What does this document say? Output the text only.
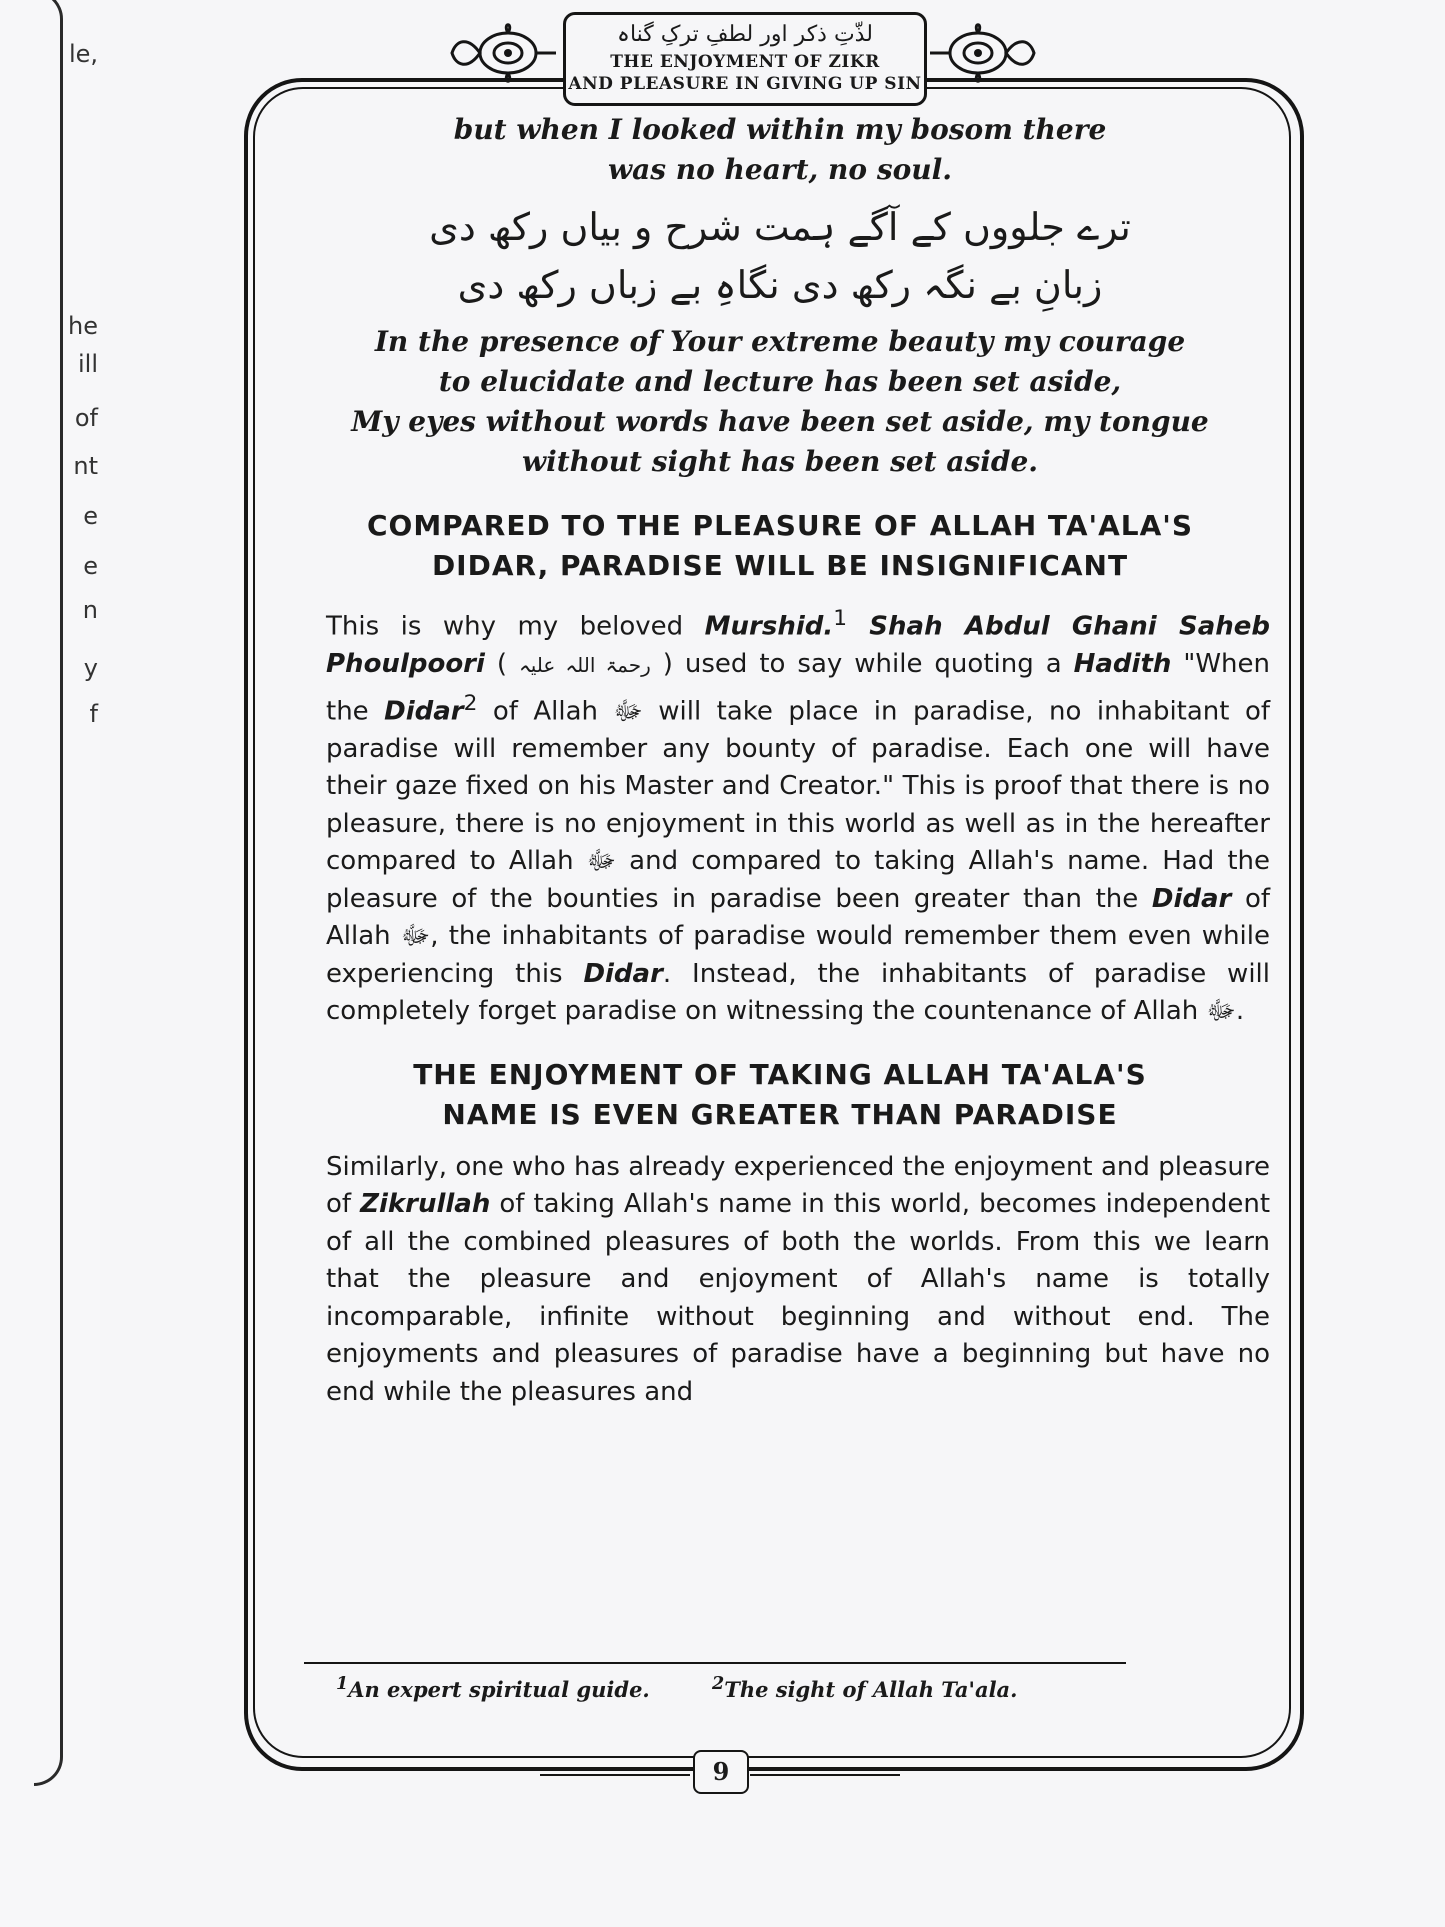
le,
he
ill
of
nt
e
e
n
y
f
لذّتِ ذکر اور لطفِ ترکِ گناہ
THE ENJOYMENT OF ZIKR
AND PLEASURE IN GIVING UP SIN

but when I looked within my bosom there
was no heart, no soul.

ترے جلووں کے آگے ہمت شرح و بیاں رکھ دی
زبانِ بے نگہ رکھ دی نگاہِ بے زباں رکھ دی

In the presence of Your extreme beauty my courage
to elucidate and lecture has been set aside,
My eyes without words have been set aside, my tongue
without sight has been set aside.

COMPARED TO THE PLEASURE OF ALLAH TA'ALA'S
DIDAR, PARADISE WILL BE INSIGNIFICANT

This is why my beloved Murshid.$^1$ Shah Abdul Ghani Saheb Phoulpoori ( رحمۃ اللہ علیہ ) used to say while quoting a Hadith "When the Didar$^2$ of Allah ﷻ will take place in paradise, no inhabitant of paradise will remember any bounty of paradise. Each one will have their gaze fixed on his Master and Creator." This is proof that there is no pleasure, there is no enjoyment in this world as well as in the hereafter compared to Allah ﷻ and compared to taking Allah's name. Had the pleasure of the bounties in paradise been greater than the Didar of Allah ﷻ, the inhabitants of paradise would remember them even while experiencing this Didar. Instead, the inhabitants of paradise will completely forget paradise on witnessing the countenance of Allah ﷻ.

THE ENJOYMENT OF TAKING ALLAH TA'ALA'S
NAME IS EVEN GREATER THAN PARADISE

Similarly, one who has already experienced the enjoyment and pleasure of Zikrullah of taking Allah's name in this world, becomes independent of all the combined pleasures of both the worlds. From this we learn that the pleasure and enjoyment of Allah's name is totally incomparable, infinite without beginning and without end. The enjoyments and pleasures of paradise have a beginning but have no end while the pleasures and

$^1$An expert spiritual guide.	$^2$The sight of Allah Ta'ala.
9
